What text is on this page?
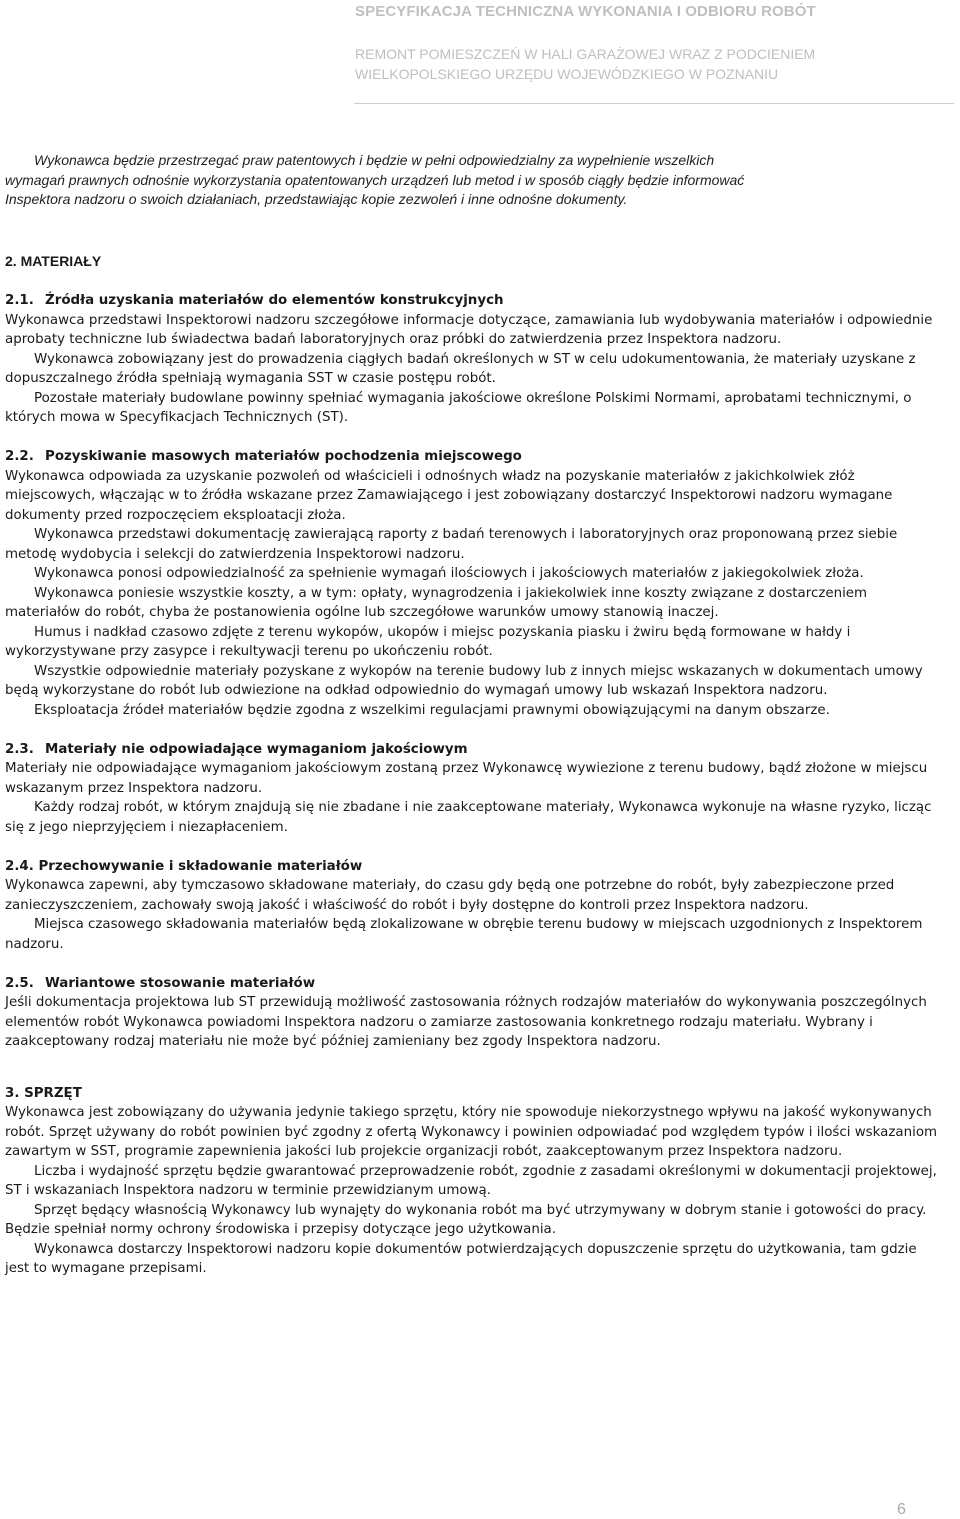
SPECYFIKACJA TECHNICZNA WYKONANIA I ODBIORU ROBÓT
REMONT POMIESZCZEŃ W HALI GARAŻOWEJ WRAZ Z PODCIENIEM
WIELKOPOLSKIEGO URZĘDU WOJEWÓDZKIEGO W POZNANIU
Wykonawca będzie przestrzegać praw patentowych i będzie w pełni odpowiedzialny za wypełnienie wszelkich
wymagań prawnych odnośnie wykorzystania opatentowanych urządzeń lub metod i w sposób ciągły będzie informować
Inspektora nadzoru o swoich działaniach, przedstawiając kopie zezwoleń i inne odnośne dokumenty.
2. MATERIAŁY
2.1. Źródła uzyskania materiałów do elementów konstrukcyjnych

Wykonawca przedstawi Inspektorowi nadzoru szczegółowe informacje dotyczące, zamawiania lub wydobywania materiałów i odpowiednie aprobaty techniczne lub świadectwa badań laboratoryjnych oraz próbki do zatwierdzenia przez Inspektora nadzoru.

Wykonawca zobowiązany jest do prowadzenia ciągłych badań określonych w ST w celu udokumentowania, że materiały uzyskane z dopuszczalnego źródła spełniają wymagania SST w czasie postępu robót.

Pozostałe materiały budowlane powinny spełniać wymagania jakościowe określone Polskimi Normami, aprobatami technicznymi, o których mowa w Specyfikacjach Technicznych (ST).

2.2. Pozyskiwanie masowych materiałów pochodzenia miejscowego

Wykonawca odpowiada za uzyskanie pozwoleń od właścicieli i odnośnych władz na pozyskanie materiałów z jakichkolwiek złóż miejscowych, włączając w to źródła wskazane przez Zamawiającego i jest zobowiązany dostarczyć Inspektorowi nadzoru wymagane dokumenty przed rozpoczęciem eksploatacji złoża.

Wykonawca przedstawi dokumentację zawierającą raporty z badań terenowych i laboratoryjnych oraz proponowaną przez siebie metodę wydobycia i selekcji do zatwierdzenia Inspektorowi nadzoru.

Wykonawca ponosi odpowiedzialność za spełnienie wymagań ilościowych i jakościowych materiałów z jakiegokolwiek złoża.

Wykonawca poniesie wszystkie koszty, a w tym: opłaty, wynagrodzenia i jakiekolwiek inne koszty związane z dostarczeniem materiałów do robót, chyba że postanowienia ogólne lub szczegółowe warunków umowy stanowią inaczej.

Humus i nadkład czasowo zdjęte z terenu wykopów, ukopów i miejsc pozyskania piasku i żwiru będą formowane w hałdy i wykorzystywane przy zasypce i rekultywacji terenu po ukończeniu robót.

Wszystkie odpowiednie materiały pozyskane z wykopów na terenie budowy lub z innych miejsc wskazanych w dokumentach umowy będą wykorzystane do robót lub odwiezione na odkład odpowiednio do wymagań umowy lub wskazań Inspektora nadzoru.

Eksploatacja źródeł materiałów będzie zgodna z wszelkimi regulacjami prawnymi obowiązującymi na danym obszarze.

2.3. Materiały nie odpowiadające wymaganiom jakościowym

Materiały nie odpowiadające wymaganiom jakościowym zostaną przez Wykonawcę wywiezione z terenu budowy, bądź złożone w miejscu wskazanym przez Inspektora nadzoru.

Każdy rodzaj robót, w którym znajdują się nie zbadane i nie zaakceptowane materiały, Wykonawca wykonuje na własne ryzyko, licząc się z jego nieprzyjęciem i niezapłaceniem.

2.4. Przechowywanie i składowanie materiałów

Wykonawca zapewni, aby tymczasowo składowane materiały, do czasu gdy będą one potrzebne do robót, były zabezpieczone przed zanieczyszczeniem, zachowały swoją jakość i właściwość do robót i były dostępne do kontroli przez Inspektora nadzoru.

Miejsca czasowego składowania materiałów będą zlokalizowane w obrębie terenu budowy w miejscach uzgodnionych z Inspektorem nadzoru.

2.5. Wariantowe stosowanie materiałów

Jeśli dokumentacja projektowa lub ST przewidują możliwość zastosowania różnych rodzajów materiałów do wykonywania poszczególnych elementów robót Wykonawca powiadomi Inspektora nadzoru o zamiarze zastosowania konkretnego rodzaju materiału. Wybrany i zaakceptowany rodzaj materiału nie może być później zamieniany bez zgody Inspektora nadzoru.

3. SPRZĘT

Wykonawca jest zobowiązany do używania jedynie takiego sprzętu, który nie spowoduje niekorzystnego wpływu na jakość wykonywanych robót. Sprzęt używany do robót powinien być zgodny z ofertą Wykonawcy i powinien odpowiadać pod względem typów i ilości wskazaniom zawartym w SST, programie zapewnienia jakości lub projekcie organizacji robót, zaakceptowanym przez Inspektora nadzoru.

Liczba i wydajność sprzętu będzie gwarantować przeprowadzenie robót, zgodnie z zasadami określonymi w dokumentacji projektowej, ST i wskazaniach Inspektora nadzoru w terminie przewidzianym umową.

Sprzęt będący własnością Wykonawcy lub wynajęty do wykonania robót ma być utrzymywany w dobrym stanie i gotowości do pracy. Będzie spełniał normy ochrony środowiska i przepisy dotyczące jego użytkowania.

Wykonawca dostarczy Inspektorowi nadzoru kopie dokumentów potwierdzających dopuszczenie sprzętu do użytkowania, tam gdzie jest to wymagane przepisami.

6
